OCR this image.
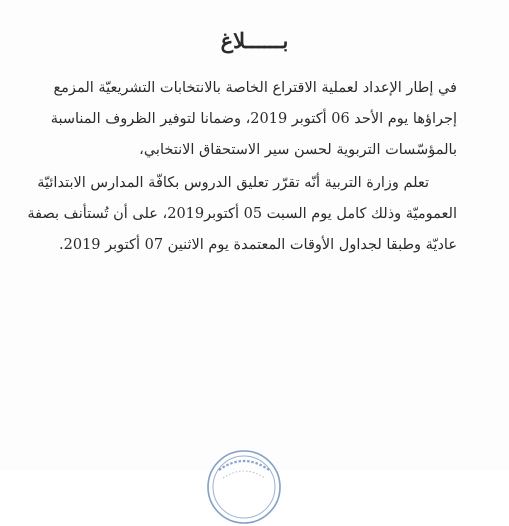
بــــــلاغ

في إطار الإعداد لعملية الاقتراع الخاصة بالانتخابات التشريعيّة المزمع
إجراؤها يوم الأحد 06 أكتوبر 2019، وضمانا لتوفير الظروف المناسبة
بالمؤسّسات التربوية لحسن سير الاستحقاق الانتخابي،

تعلم وزارة التربية أنّه تقرّر تعليق الدروس بكافّة المدارس الابتدائيّة
العموميّة وذلك كامل يوم السبت 05 أكتوبر2019، على أن تُستأنف بصفة
عاديّة وطبقا لجداول الأوقات المعتمدة يوم الاثنين 07 أكتوبر 2019.
